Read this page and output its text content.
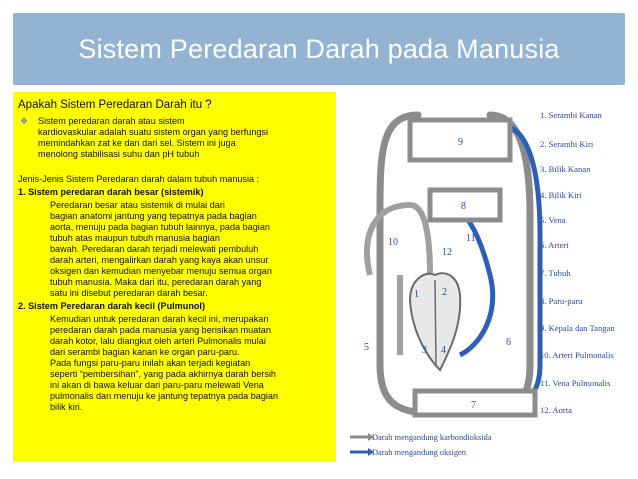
Sistem Peredaran Darah pada Manusia
Apakah Sistem Peredaran Darah itu ?
❖	Sistem peredaran darah atau sistem
kardiovaskular adalah suatu sistem organ yang berfungsi
memindahkan zat ke dan dari sel. Sistem ini juga
menolong stabilisasi suhu dan pH tubuh
Jenis-Jenis Sistem Peredaran darah dalam tubuh manusia :
1. Sistem peredaran darah besar (sistemik)
Peredaran besar atau sistemik di mulai dari
bagian anatomi jantung yang tepatnya pada bagian
aorta, menuju pada bagian tubuh lainnya, pada bagian
tubuh atas maupun tubuh manusia bagian
bawah. Peredaran darah terjadi melewati pembuluh
darah arteri, mengalirkan darah yang kaya akan unsur
oksigen dan kemudian menyebar menuju semua organ
tubuh manusia. Maka dari itu, peredaran darah yang
satu ini disebut peredaran darah besar.
2. Sistem Peredaran darah kecil (Pulmunol)
Kemudian untuk peredaran darah kecil ini, merupakan
peredaran darah pada manusia yang berisikan muatan
darah kotor, lalu diangkut oleh arteri Pulmonalis mulai
dari serambi bagian kanan ke organ paru-paru.
Pada fungsi paru-paru inilah akan terjadi kegiatan
seperti “pembersihan”, yang pada akhirnya darah bersih
ini akan di bawa keluar dari paru-paru melewati Vena
pulmonalis dan menuju ke jantung tepatnya pada bagian
bilik kiri.
9
8
7
1 2
3 4
5	6
10	11
12
1. Serambi Kanan
2. Serambi Kiri
3. Bilik Kanan
4. Bilik Kiri
5. Vena
6. Arteri
7. Tubuh
8. Paru-paru
9. Kepala dan Tangan
10. Arteri Pulmonalis
11. Vena Pulmonalis
12. Aorta
Darah mengandung karbondioksida
Darah mengandung oksigen
